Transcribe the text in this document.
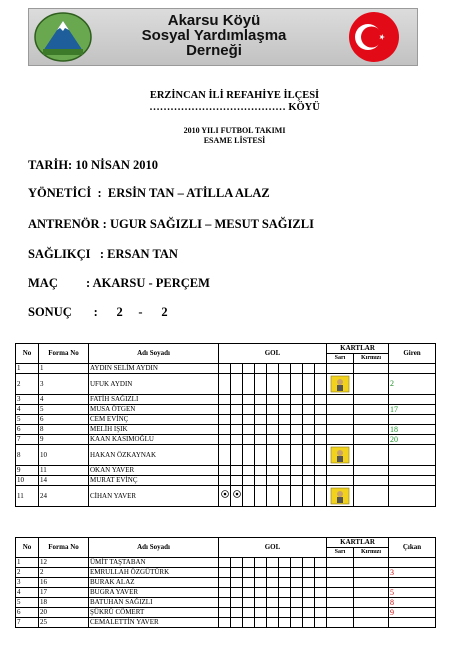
Akarsu Köyü
Sosyal Yardımlaşma
Derneği
ERZİNCAN İLİ REFAHİYE İLÇESİ
………………………………… KÖYÜ
2010 YILI FUTBOL TAKIMI
ESAME LİSTESİ
TARİH: 10 NİSAN 2010
YÖNETİCİ  :  ERSİN TAN – ATİLLA ALAZ
ANTRENÖR : UGUR SAĞIZLI – MESUT SAĞIZLI
SAĞLIKÇI   : ERSAN TAN
MAÇ         : AKARSU - PERÇEM
SONUÇ       :      2     -      2
No	Forma No	Adı Soyadı	GOL									KARTLAR		Giren
												Sarı	Kırmızı	
1	1	AYDIN SELİM AYDIN												
2	3	UFUK AYDIN												2
3	4	FATİH SAĞIZLI												
4	5	MUSA ÖTGEN												17
5	6	CEM EVİNÇ												
6	8	MELİH IŞIK												18
7	9	KAAN KASIMOĞLU												20
8	10	HAKAN ÖZKAYNAK												
9	11	OKAN YAVER												
10	14	MURAT EVİNÇ												
11	24	CİHAN YAVER												
No	Forma No	Adı Soyadı	GOL									KARTLAR		Çıkan
												Sarı	Kırmızı	
1	12	ÜMİT TAŞTABAN												
2	2	EMRULLAH ÖZGÜTÜRK												3
3	16	BURAK ALAZ												
4	17	BUGRA YAVER												5
5	18	BATUHAN SAĞIZLI												8
6	20	ŞÜKRÜ CÖMERT												9
7	25	CEMALETTİN YAVER												
